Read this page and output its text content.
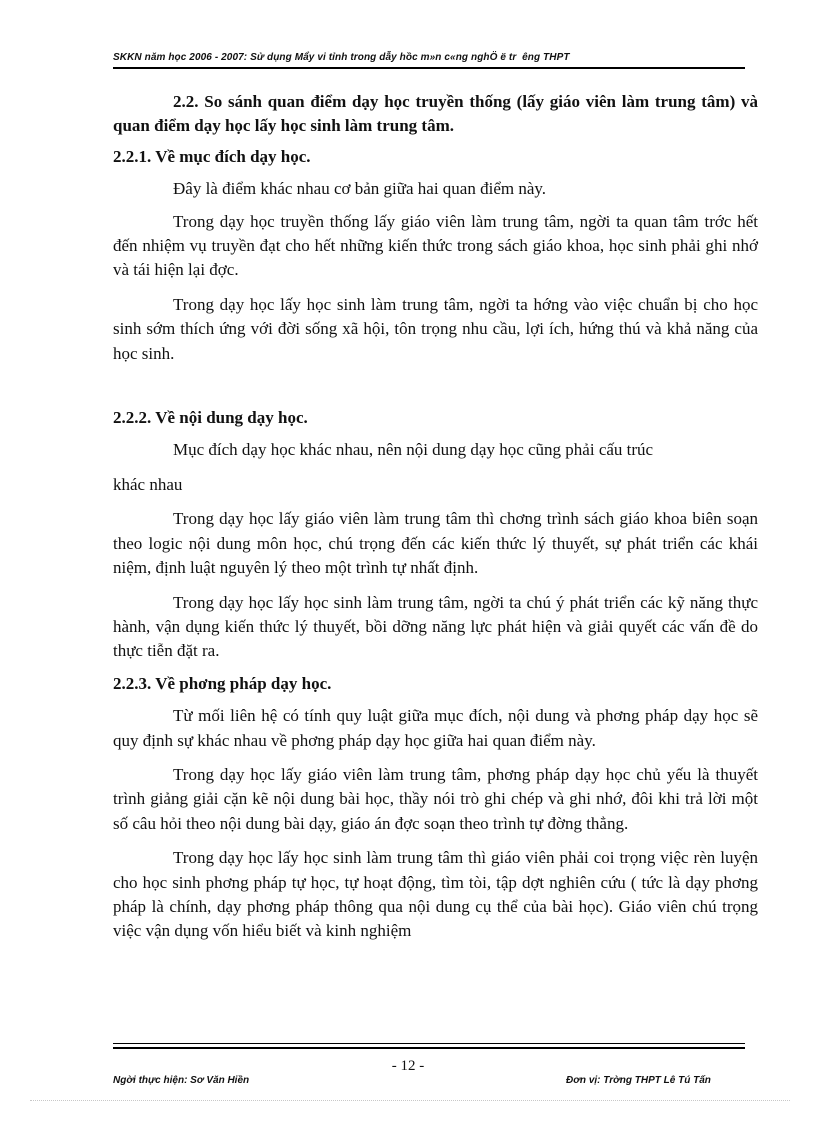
SKKN năm học 2006 - 2007: Sử dụng Mẩy vi tỉnh trong dẫy hồc m»n c«ng nghÖ ë tr  êng THPT

2.2. So sánh quan điểm dạy học truyền thống (lấy giáo viên làm trung tâm) và quan điểm dạy học lấy học sinh làm trung tâm.

2.2.1. Về mục đích dạy học.

Đây là điểm khác nhau cơ bản giữa hai quan điểm này.

Trong dạy học truyền thống lấy giáo viên làm trung tâm, ngời ta quan tâm trớc hết đến nhiệm vụ truyền đạt cho hết những kiến thức trong sách giáo khoa, học sinh phải ghi nhớ và tái hiện lại đợc.

Trong dạy học lấy học sinh làm trung tâm, ngời ta hớng vào việc chuẩn bị cho học sinh sớm thích ứng với đời sống xã hội, tôn trọng nhu cầu, lợi ích, hứng thú và khả năng của học sinh.

2.2.2. Về nội dung dạy học.

Mục đích dạy học khác nhau, nên nội dung dạy học cũng phải cấu trúc

khác nhau

Trong dạy học lấy giáo viên làm trung tâm thì chơng trình sách giáo khoa biên soạn theo logic nội dung môn học, chú trọng đến các kiến thức lý thuyết, sự phát triển các khái niệm, định luật nguyên lý theo một trình tự nhất định.

Trong dạy học lấy học sinh làm trung tâm, ngời ta chú ý phát triển các kỹ năng thực hành, vận dụng kiến thức lý thuyết, bồi dỡng năng lực phát hiện và giải quyết các vấn đề do thực tiễn đặt ra.

2.2.3. Về phơng pháp dạy học.

Từ mối liên hệ có tính quy luật giữa mục đích, nội dung và phơng pháp dạy học sẽ quy định sự khác nhau về phơng pháp dạy học giữa hai quan điểm này.

Trong dạy học lấy giáo viên làm trung tâm, phơng pháp dạy học chủ yếu là thuyết trình giảng giải cặn kẽ nội dung bài học, thầy nói trò ghi chép và ghi nhớ, đôi khi trả lời một số câu hỏi theo nội dung bài dạy, giáo án đợc soạn theo trình tự đờng thẳng.

Trong dạy học lấy học sinh làm trung tâm thì giáo viên phải coi trọng việc rèn luyện cho học sinh phơng pháp tự học, tự hoạt động, tìm tòi, tập dợt nghiên cứu ( tức là dạy phơng pháp là chính, dạy phơng pháp thông qua nội dung cụ thể của bài học). Giáo viên chú trọng việc vận dụng vốn hiểu biết và kinh nghiệm

- 12 -
Ngời thực hiện: Sơ Văn Hiền	Đơn vị: Trờng THPT Lê Tú Tấn
